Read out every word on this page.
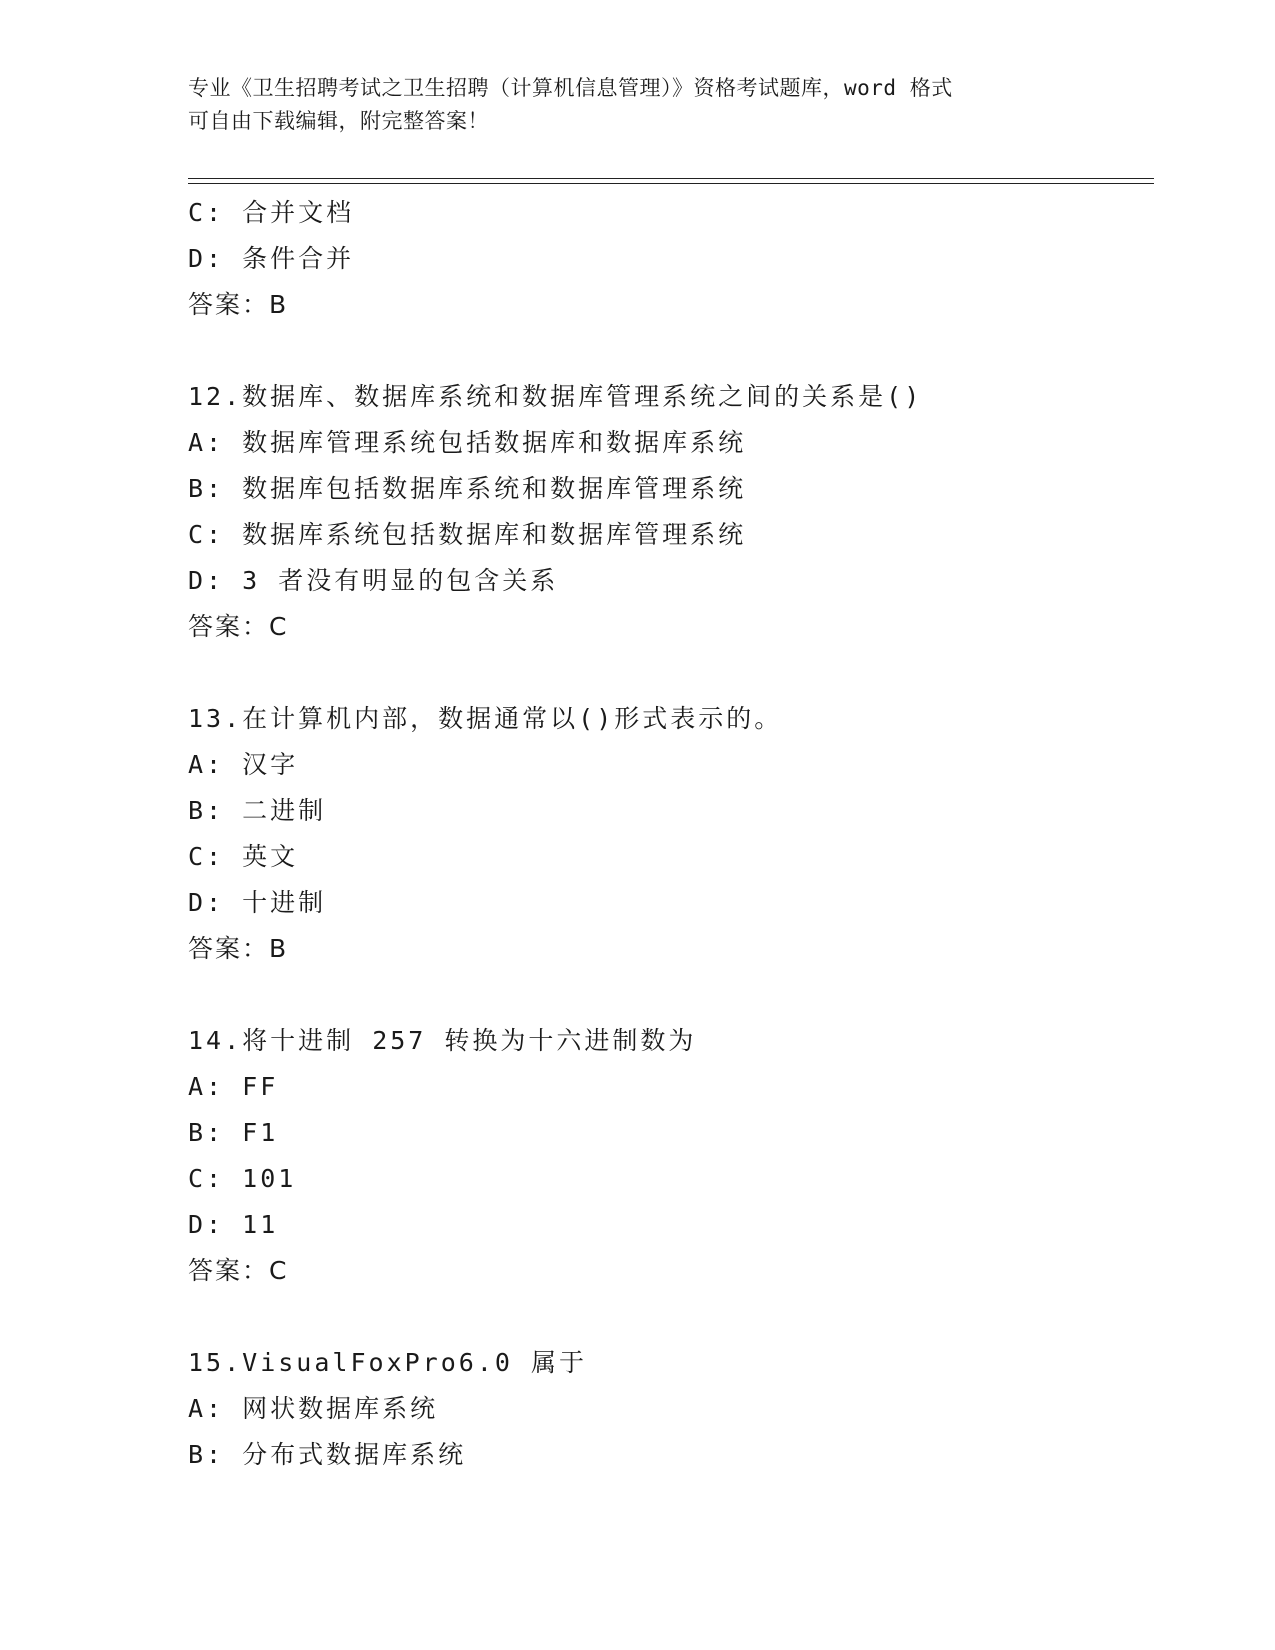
专业《卫生招聘考试之卫生招聘（计算机信息管理）》资格考试题库，word 格式
可自由下载编辑，附完整答案！
C: 合并文档
D: 条件合并
答案：B
12.数据库、数据库系统和数据库管理系统之间的关系是()
A: 数据库管理系统包括数据库和数据库系统
B: 数据库包括数据库系统和数据库管理系统
C: 数据库系统包括数据库和数据库管理系统
D: 3 者没有明显的包含关系
答案：C
13.在计算机内部，数据通常以()形式表示的。
A: 汉字
B: 二进制
C: 英文
D: 十进制
答案：B
14.将十进制 257 转换为十六进制数为
A: FF
B: F1
C: 101
D: 11
答案：C
15.VisualFoxPro6.0 属于
A: 网状数据库系统
B: 分布式数据库系统
